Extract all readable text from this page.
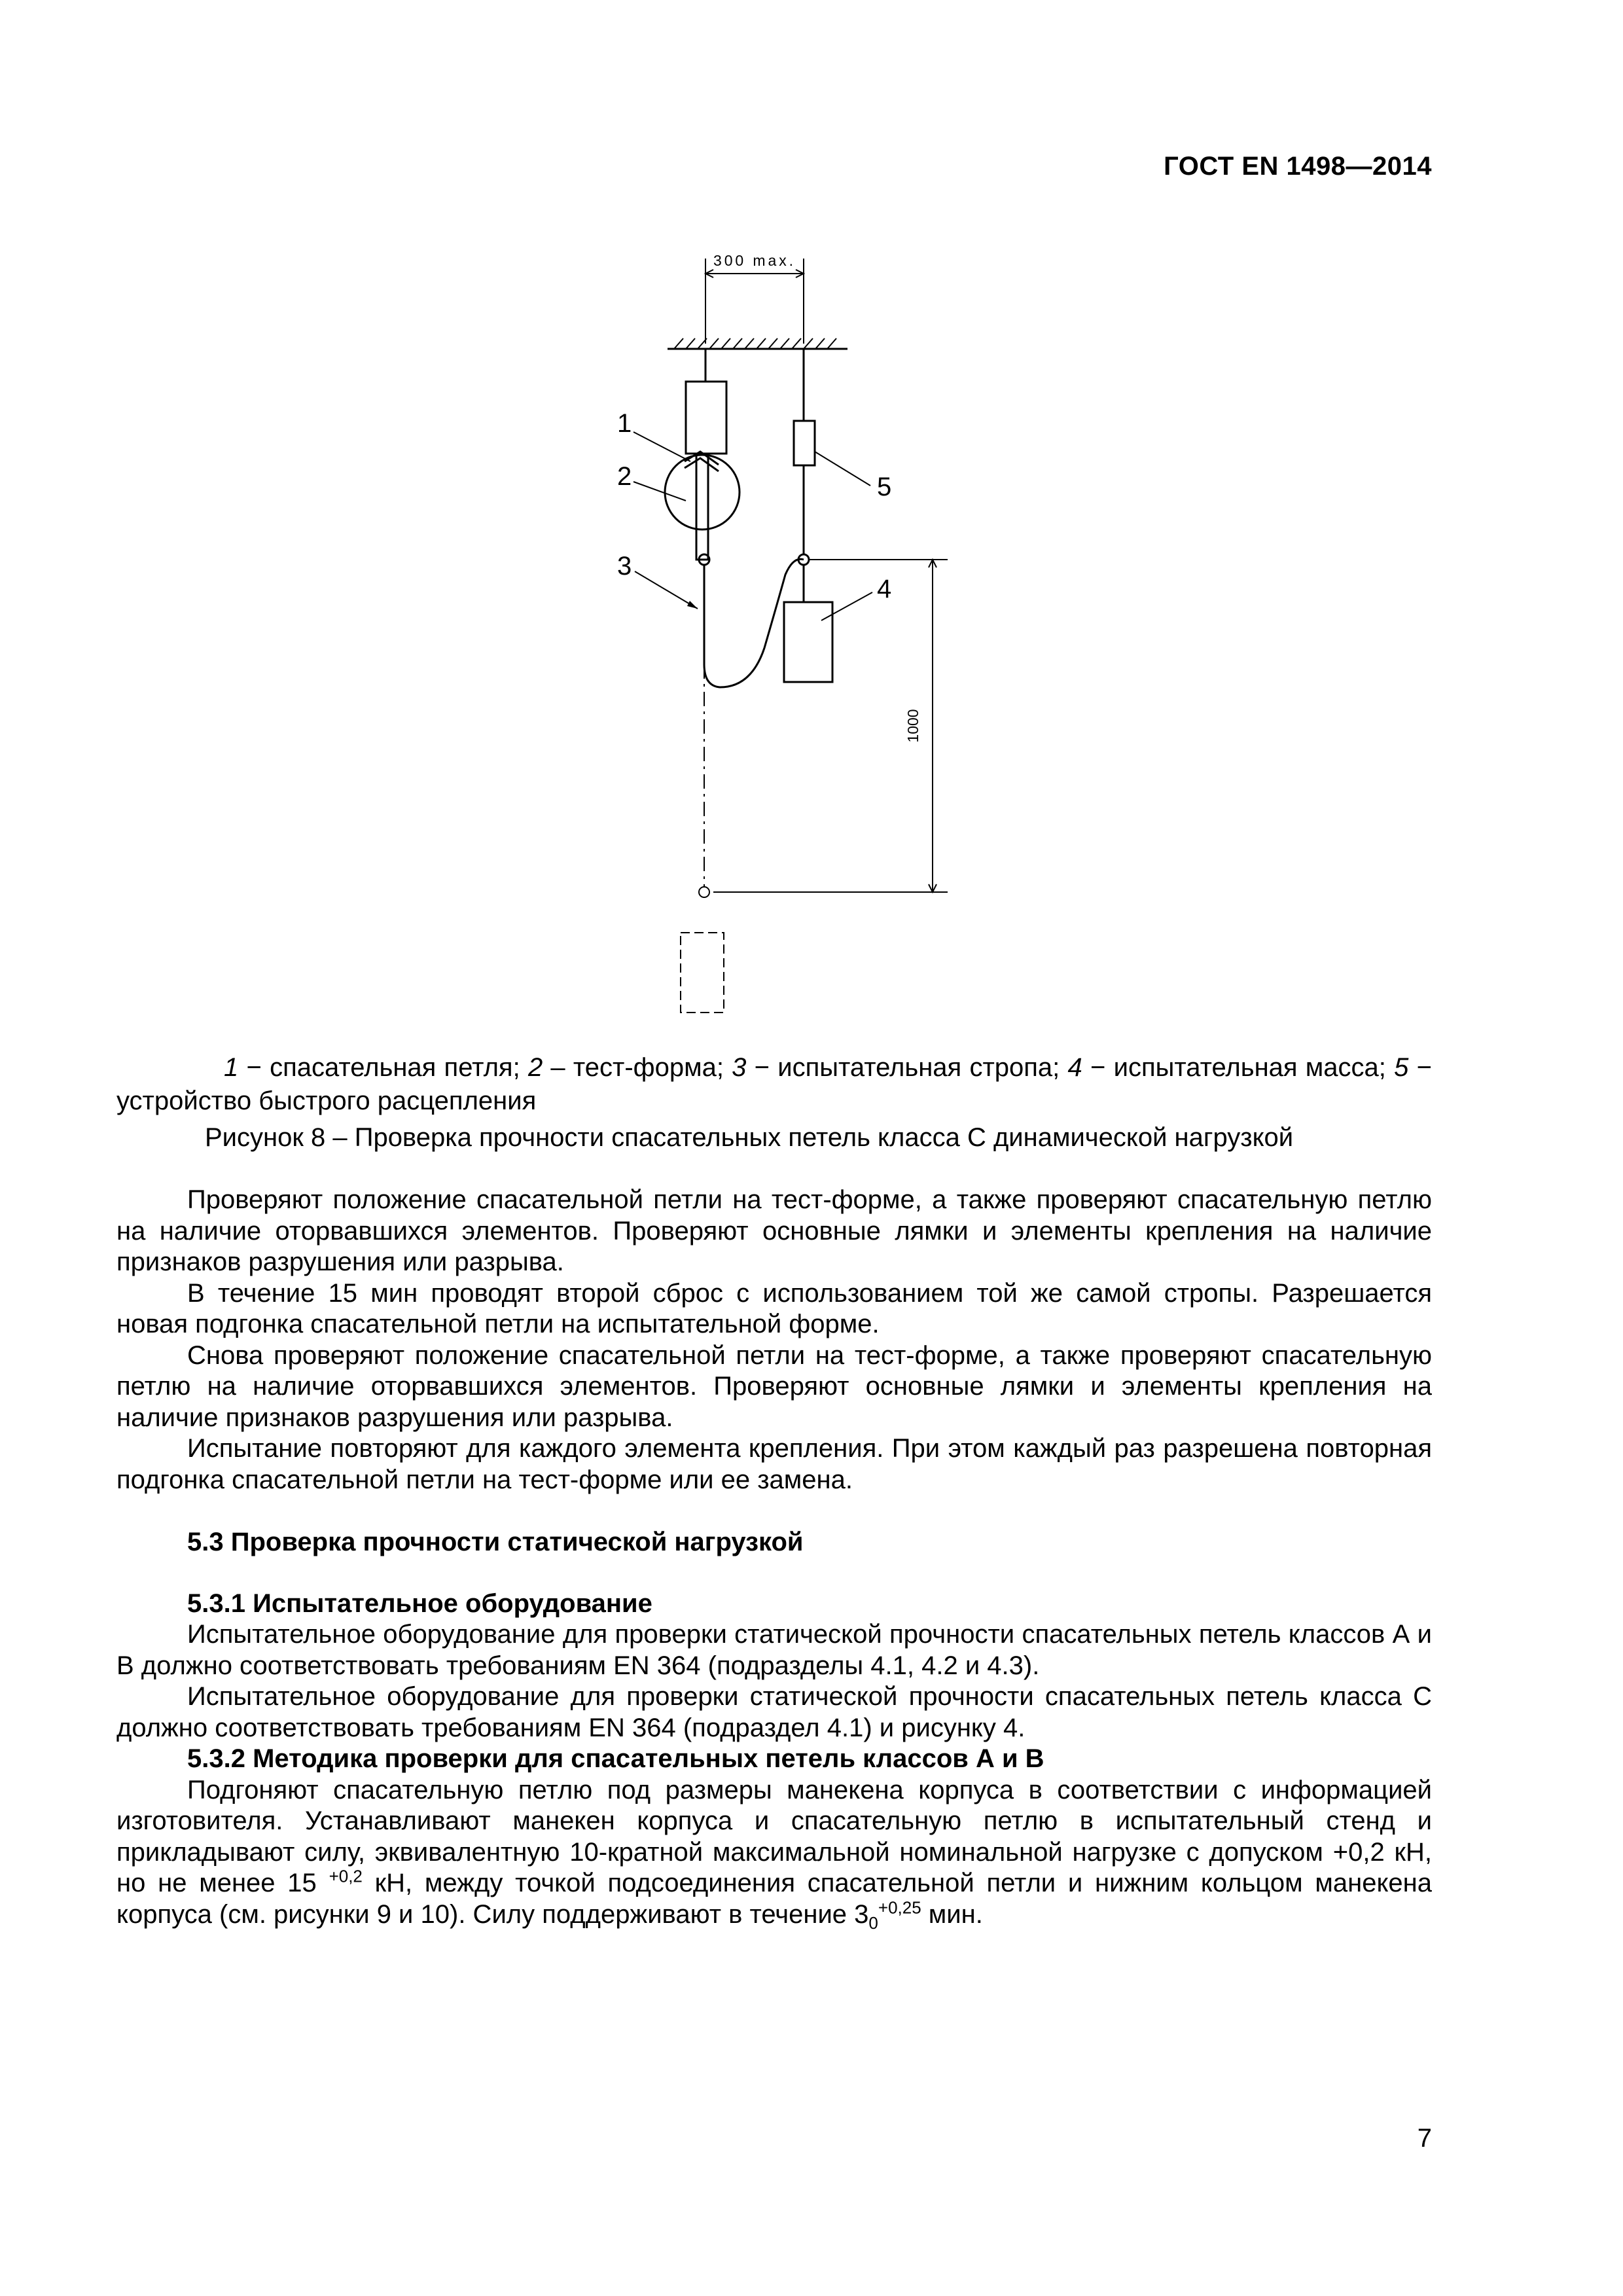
ГОСТ EN 1498—2014
300 max.
1000
1
2
3
4
5
1 − спасательная петля; 2 – тест-форма; 3 − испытательная стропа; 4 − испытательная масса; 5 − устройство быстрого расцепления
Рисунок 8 – Проверка прочности спасательных петель класса С динамической нагрузкой

Проверяют положение спасательной петли на тест-форме, а также проверяют спасательную петлю на наличие оторвавшихся элементов. Проверяют основные лямки и элементы крепления на наличие признаков разрушения или разрыва.

В течение 15 мин проводят второй сброс с использованием той же самой стропы. Разрешается новая подгонка спасательной петли на испытательной форме.

Снова проверяют положение спасательной петли на тест-форме, а также проверяют спасательную петлю на наличие оторвавшихся элементов. Проверяют основные лямки и элементы крепления на наличие признаков разрушения или разрыва.

Испытание повторяют для каждого элемента крепления. При этом каждый раз разрешена повторная подгонка спасательной петли на тест-форме или ее замена.

5.3 Проверка прочности статической нагрузкой
5.3.1 Испытательное оборудование

Испытательное оборудование для проверки статической прочности спасательных петель классов А и В должно соответствовать требованиям EN 364 (подразделы 4.1, 4.2 и 4.3).

Испытательное оборудование для проверки статической прочности спасательных петель класса С должно соответствовать требованиям EN 364 (подраздел 4.1) и рисунку 4.

5.3.2 Методика проверки для спасательных петель классов А и В

Подгоняют спасательную петлю под размеры манекена корпуса в соответствии с информацией изготовителя. Устанавливают манекен корпуса и спасательную петлю в испытательный стенд и прикладывают силу, эквивалентную 10-кратной максимальной номинальной нагрузке с допуском +0,2 кН, но не менее 15 $^{+0,2}$ кН, между точкой подсоединения спасательной петли и нижним кольцом манекена корпуса (см. рисунки 9 и 10). Силу поддерживают в течение $3_0^{+0,25}$ мин.

7
